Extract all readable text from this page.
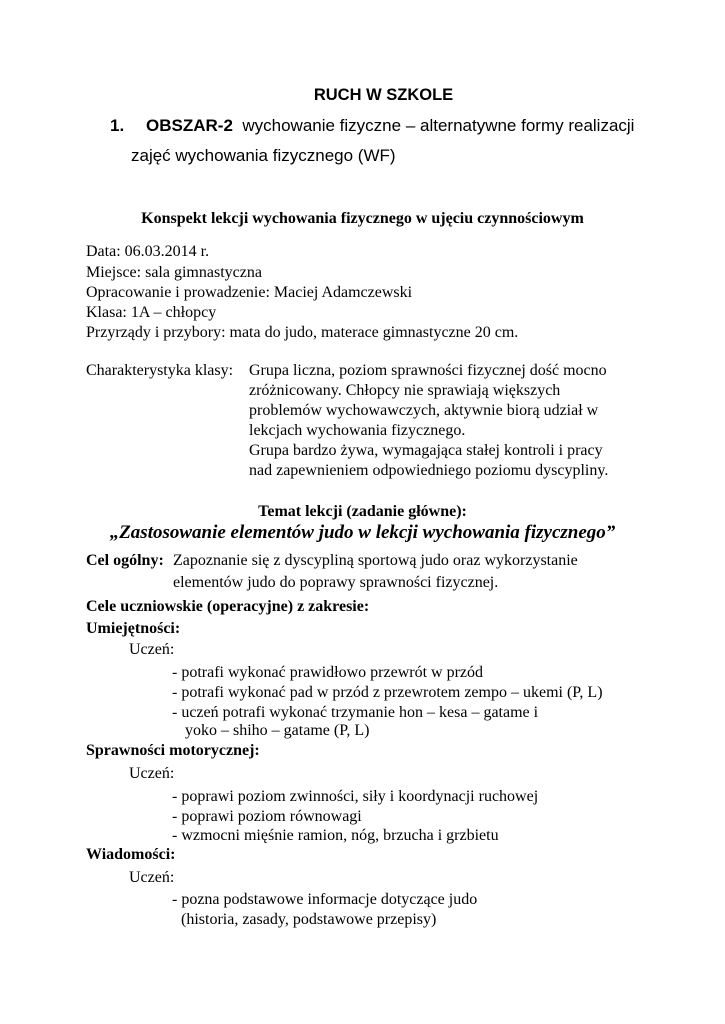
RUCH W SZKOLE
1. OBSZAR-2 wychowanie fizyczne – alternatywne formy realizacji
zajęć wychowania fizycznego (WF)
Konspekt lekcji wychowania fizycznego w ujęciu czynnościowym
Data: 06.03.2014 r.
Miejsce: sala gimnastyczna
Opracowanie i prowadzenie: Maciej Adamczewski
Klasa: 1A – chłopcy
Przyrządy i przybory: mata do judo, materace gimnastyczne 20 cm.
Charakterystyka klasy: Grupa liczna, poziom sprawności fizycznej dość mocno
zróżnicowany. Chłopcy nie sprawiają większych
problemów wychowawczych, aktywnie biorą udział w
lekcjach wychowania fizycznego.
Grupa bardzo żywa, wymagająca stałej kontroli i pracy
nad zapewnieniem odpowiedniego poziomu dyscypliny.
Temat lekcji (zadanie główne):
„Zastosowanie elementów judo w lekcji wychowania fizycznego”
Cel ogólny: Zapoznanie się z dyscypliną sportową judo oraz wykorzystanie
elementów judo do poprawy sprawności fizycznej.
Cele uczniowskie (operacyjne) z zakresie:
Umiejętności:
Uczeń:
- potrafi wykonać prawidłowo przewrót w przód
- potrafi wykonać pad w przód z przewrotem zempo – ukemi (P, L)
- uczeń potrafi wykonać trzymanie hon – kesa – gatame i
yoko – shiho – gatame (P, L)
Sprawności motorycznej:
Uczeń:
- poprawi poziom zwinności, siły i koordynacji ruchowej
- poprawi poziom równowagi
- wzmocni mięśnie ramion, nóg, brzucha i grzbietu
Wiadomości:
Uczeń:
- pozna podstawowe informacje dotyczące judo
(historia, zasady, podstawowe przepisy)
